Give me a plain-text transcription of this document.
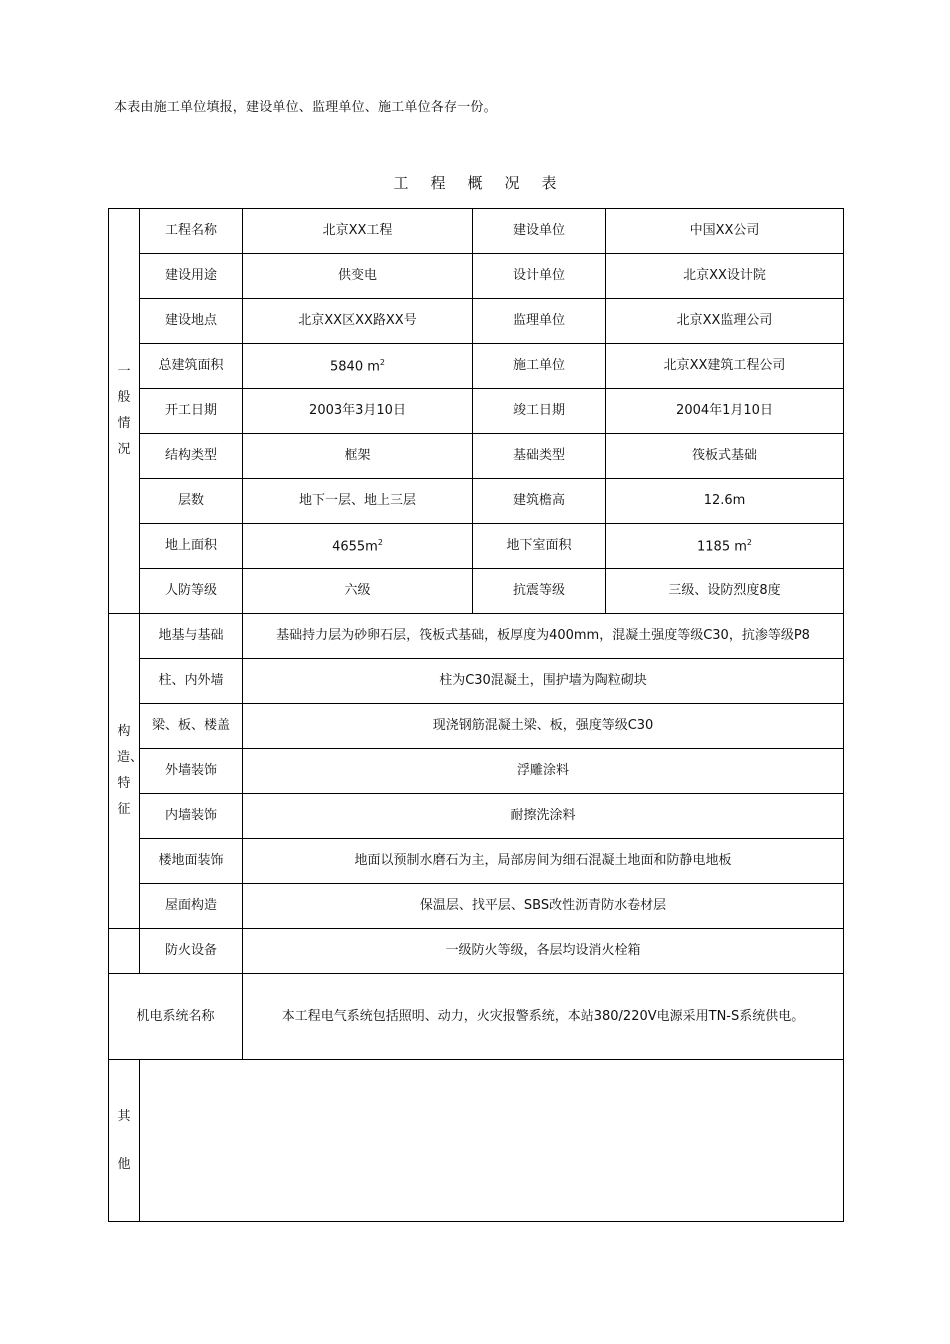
本表由施工单位填报，建设单位、监理单位、施工单位各存一份。
工程概况表
一般情况	工程名称	北京XX工程	建设单位	中国XX公司
	建设用途	供变电	设计单位	北京XX设计院
	建设地点	北京XX区XX路XX号	监理单位	北京XX监理公司
	总建筑面积	5840 $m^2$	施工单位	北京XX建筑工程公司
	开工日期	2003年3月10日	竣工日期	2004年1月10日
	结构类型	框架	基础类型	筏板式基础
	层数	地下一层、地上三层	建筑檐高	12.6m
	地上面积	$4655m^2$	地下室面积	1185 $m^2$
	人防等级	六级	抗震等级	三级、设防烈度8度
构造、特征	地基与基础	基础持力层为砂卵石层，筏板式基础，板厚度为400mm，混凝土强度等级C30，抗渗等级P8		
	柱、内外墙	柱为C30混凝土，围护墙为陶粒砌块		
	梁、板、楼盖	现浇钢筋混凝土梁、板，强度等级C30		
	外墙装饰	浮雕涂料		
	内墙装饰	耐擦洗涂料		
	楼地面装饰	地面以预制水磨石为主，局部房间为细石混凝土地面和防静电地板		
	屋面构造	保温层、找平层、SBS改性沥青防水卷材层		
	防火设备	一级防火等级，各层均设消火栓箱		
机电系统名称		本工程电气系统包括照明、动力，火灾报警系统，本站380/220V电源采用TN-S系统供电。		
其他				
